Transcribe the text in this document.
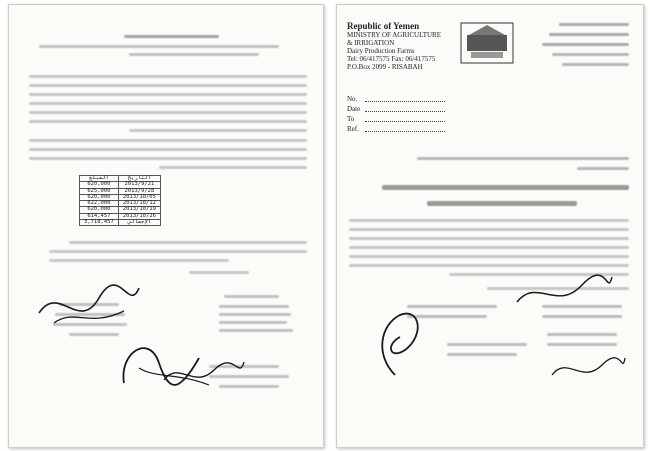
المبلغ	التاريخ
620,000	2013/9/21
625,000	2013/9/28
620,000	2013/10/05
622,000	2013/10/12
620,000	2013/10/19
614,457	2013/10/26
3,718,457	الإجمالي
Republic of Yemen
MINISTRY OF AGRICULTURE
& IRRIGATION
Dairy Production Farms
Tel: 06/417575 Fax: 06/417575
P.O.Box 2099 - RISABAH
No.
Date
To
Ref.
